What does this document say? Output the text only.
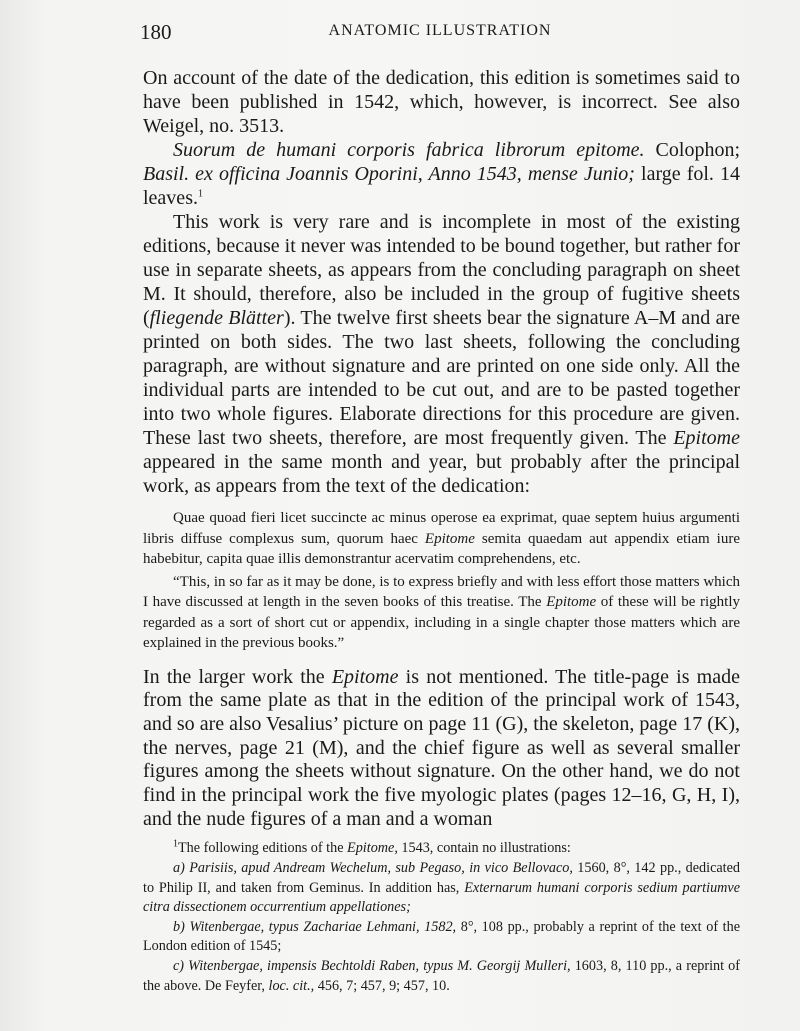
180	ANATOMIC ILLUSTRATION

On account of the date of the dedication, this edition is sometimes said to have been published in 1542, which, however, is incorrect. See also Weigel, no. 3513.

Suorum de humani corporis fabrica librorum epitome. Colophon; Basil. ex officina Joannis Oporini, Anno 1543, mense Junio; large fol. 14 leaves.$^1$

This work is very rare and is incomplete in most of the existing editions, because it never was intended to be bound together, but rather for use in separate sheets, as appears from the concluding paragraph on sheet M. It should, therefore, also be included in the group of fugitive sheets (fliegende Blätter). The twelve first sheets bear the signature A–M and are printed on both sides. The two last sheets, following the concluding paragraph, are without signature and are printed on one side only. All the individual parts are intended to be cut out, and are to be pasted together into two whole figures. Elaborate directions for this procedure are given. These last two sheets, therefore, are most frequently given. The Epitome appeared in the same month and year, but probably after the principal work, as appears from the text of the dedication:

Quae quoad fieri licet succincte ac minus operose ea exprimat, quae septem huius argumenti libris diffuse complexus sum, quorum haec Epitome semita quaedam aut appendix etiam iure habebitur, capita quae illis demonstrantur acervatim comprehendens, etc.

“This, in so far as it may be done, is to express briefly and with less effort those matters which I have discussed at length in the seven books of this treatise. The Epitome of these will be rightly regarded as a sort of short cut or appendix, including in a single chapter those matters which are explained in the previous books.”

In the larger work the Epitome is not mentioned. The title-page is made from the same plate as that in the edition of the principal work of 1543, and so are also Vesalius’ picture on page 11 (G), the skeleton, page 17 (K), the nerves, page 21 (M), and the chief figure as well as several smaller figures among the sheets without signature. On the other hand, we do not find in the principal work the five myologic plates (pages 12–16, G, H, I), and the nude figures of a man and a woman

$^1$The following editions of the Epitome, 1543, contain no illustrations:

a) Parisiis, apud Andream Wechelum, sub Pegaso, in vico Bellovaco, 1560, 8°, 142 pp., dedicated to Philip II, and taken from Geminus. In addition has, Externarum humani corporis sedium partiumve citra dissectionem occurrentium appellationes;

b) Witenbergae, typus Zachariae Lehmani, 1582, 8°, 108 pp., probably a reprint of the text of the London edition of 1545;

c) Witenbergae, impensis Bechtoldi Raben, typus M. Georgij Mulleri, 1603, 8, 110 pp., a reprint of the above. De Feyfer, loc. cit., 456, 7; 457, 9; 457, 10.
